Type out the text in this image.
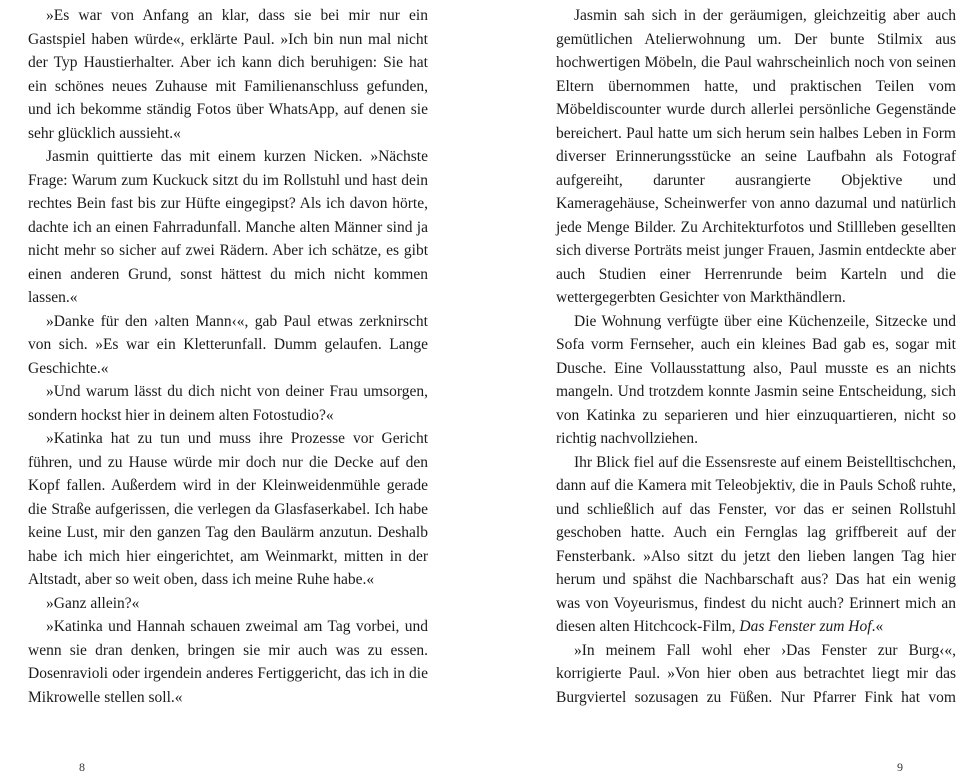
»Es war von Anfang an klar, dass sie bei mir nur ein Gastspiel haben würde«, erklärte Paul. »Ich bin nun mal nicht der Typ Haustierhalter. Aber ich kann dich beruhigen: Sie hat ein schönes neues Zuhause mit Familienanschluss gefunden, und ich bekomme ständig Fotos über WhatsApp, auf denen sie sehr glücklich aussieht.«

Jasmin quittierte das mit einem kurzen Nicken. »Nächste Frage: Warum zum Kuckuck sitzt du im Rollstuhl und hast dein rechtes Bein fast bis zur Hüfte eingegipst? Als ich davon hörte, dachte ich an einen Fahrradunfall. Manche alten Männer sind ja nicht mehr so sicher auf zwei Rädern. Aber ich schätze, es gibt einen anderen Grund, sonst hättest du mich nicht kommen lassen.«

»Danke für den ›alten Mann‹«, gab Paul etwas zerknirscht von sich. »Es war ein Kletterunfall. Dumm gelaufen. Lange Geschichte.«

»Und warum lässt du dich nicht von deiner Frau umsorgen, sondern hockst hier in deinem alten Fotostudio?«

»Katinka hat zu tun und muss ihre Prozesse vor Gericht führen, und zu Hause würde mir doch nur die Decke auf den Kopf fallen. Außerdem wird in der Kleinweidenmühle gerade die Straße aufgerissen, die verlegen da Glasfaserkabel. Ich habe keine Lust, mir den ganzen Tag den Baulärm anzutun. Deshalb habe ich mich hier eingerichtet, am Weinmarkt, mitten in der Altstadt, aber so weit oben, dass ich meine Ruhe habe.«

»Ganz allein?«

»Katinka und Hannah schauen zweimal am Tag vorbei, und wenn sie dran denken, bringen sie mir auch was zu essen. Dosenravioli oder irgendein anderes Fertiggericht, das ich in die Mikrowelle stellen soll.«

8

Jasmin sah sich in der geräumigen, gleichzeitig aber auch gemütlichen Atelierwohnung um. Der bunte Stilmix aus hochwertigen Möbeln, die Paul wahrscheinlich noch von seinen Eltern übernommen hatte, und praktischen Teilen vom Möbeldiscounter wurde durch allerlei persönliche Gegenstände bereichert. Paul hatte um sich herum sein halbes Leben in Form diverser Erinnerungsstücke an seine Laufbahn als Fotograf aufgereiht, darunter ausrangierte Objektive und Kameragehäuse, Scheinwerfer von anno dazumal und natürlich jede Menge Bilder. Zu Architekturfotos und Stillleben gesellten sich diverse Porträts meist junger Frauen, Jasmin entdeckte aber auch Studien einer Herrenrunde beim Karteln und die wettergegerbten Gesichter von Markthändlern.

Die Wohnung verfügte über eine Küchenzeile, Sitzecke und Sofa vorm Fernseher, auch ein kleines Bad gab es, sogar mit Dusche. Eine Vollausstattung also, Paul musste es an nichts mangeln. Und trotzdem konnte Jasmin seine Entscheidung, sich von Katinka zu separieren und hier einzuquartieren, nicht so richtig nachvollziehen.

Ihr Blick fiel auf die Essensreste auf einem Beistelltischchen, dann auf die Kamera mit Teleobjektiv, die in Pauls Schoß ruhte, und schließlich auf das Fenster, vor das er seinen Rollstuhl geschoben hatte. Auch ein Fernglas lag griffbereit auf der Fensterbank. »Also sitzt du jetzt den lieben langen Tag hier herum und spähst die Nachbarschaft aus? Das hat ein wenig was von Voyeurismus, findest du nicht auch? Erinnert mich an diesen alten Hitchcock-Film, Das Fenster zum Hof.«

»In meinem Fall wohl eher ›Das Fenster zur Burg‹«, korrigierte Paul. »Von hier oben aus betrachtet liegt mir das Burgviertel sozusagen zu Füßen. Nur Pfarrer Fink hat vom

9
